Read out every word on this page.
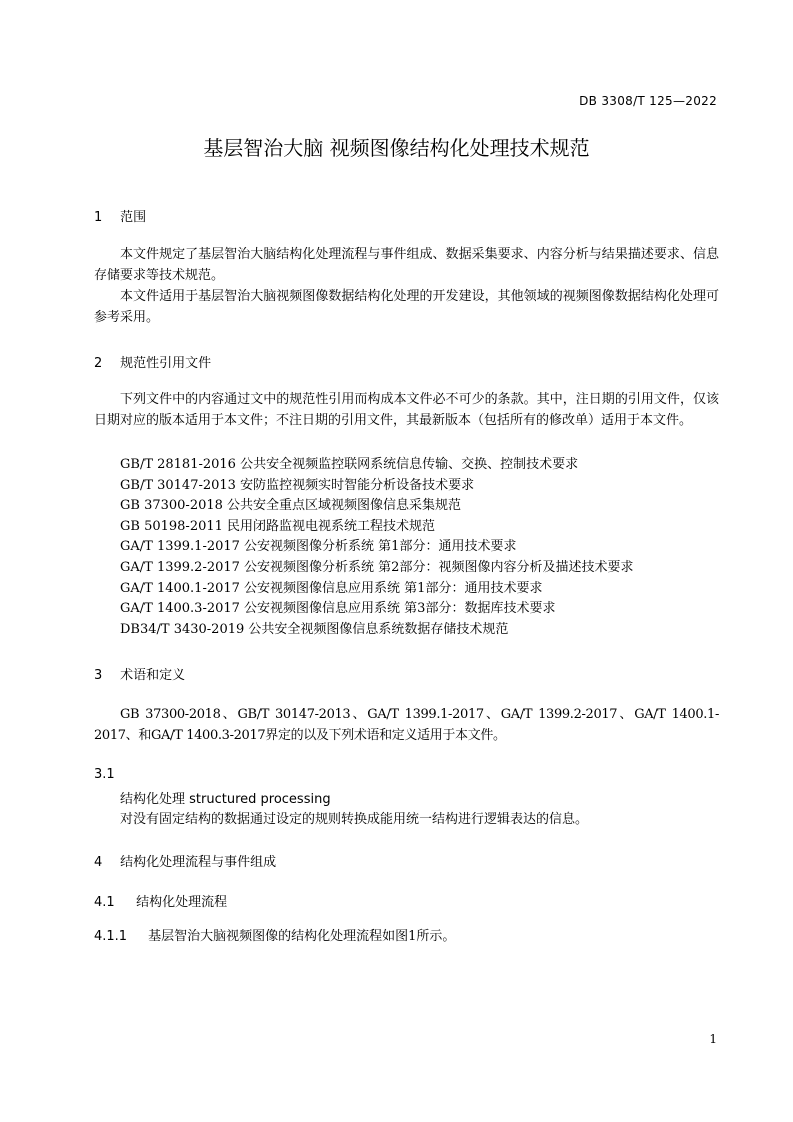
DB 3308/T 125—2022
基层智治大脑 视频图像结构化处理技术规范
1 范围

本文件规定了基层智治大脑结构化处理流程与事件组成、数据采集要求、内容分析与结果描述要求、信息存储要求等技术规范。

本文件适用于基层智治大脑视频图像数据结构化处理的开发建设，其他领域的视频图像数据结构化处理可参考采用。

2 规范性引用文件

下列文件中的内容通过文中的规范性引用而构成本文件必不可少的条款。其中，注日期的引用文件，仅该日期对应的版本适用于本文件；不注日期的引用文件，其最新版本（包括所有的修改单）适用于本文件。

GB/T 28181-2016 公共安全视频监控联网系统信息传输、交换、控制技术要求
GB/T 30147-2013 安防监控视频实时智能分析设备技术要求
GB 37300-2018 公共安全重点区域视频图像信息采集规范
GB 50198-2011 民用闭路监视电视系统工程技术规范
GA/T 1399.1-2017 公安视频图像分析系统 第1部分：通用技术要求
GA/T 1399.2-2017 公安视频图像分析系统 第2部分：视频图像内容分析及描述技术要求
GA/T 1400.1-2017 公安视频图像信息应用系统 第1部分：通用技术要求
GA/T 1400.3-2017 公安视频图像信息应用系统 第3部分：数据库技术要求
DB34/T 3430-2019 公共安全视频图像信息系统数据存储技术规范
3 术语和定义

GB 37300-2018、GB/T 30147-2013、GA/T 1399.1-2017、GA/T 1399.2-2017、GA/T 1400.1-2017、和GA/T 1400.3-2017界定的以及下列术语和定义适用于本文件。

3.1
结构化处理 structured processing
对没有固定结构的数据通过设定的规则转换成能用统一结构进行逻辑表达的信息。
4 结构化处理流程与事件组成
4.1 结构化处理流程
4.1.1 基层智治大脑视频图像的结构化处理流程如图1所示。
1
